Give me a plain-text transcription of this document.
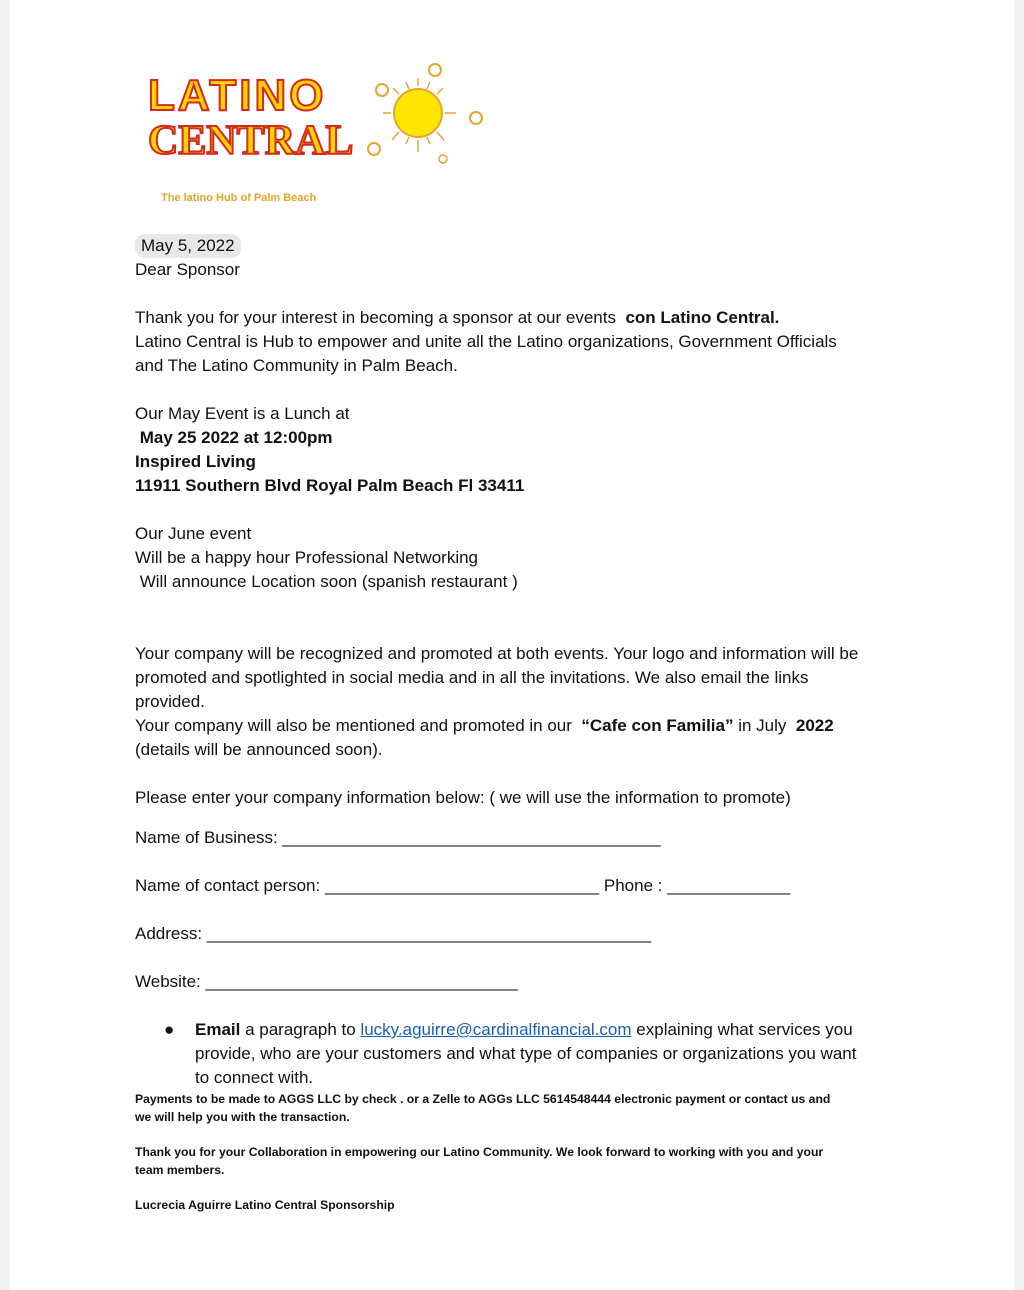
LATINO
CENTRAL
The latino Hub of Palm Beach
May 5, 2022
Dear Sponsor
Thank you for your interest in becoming a sponsor at our events con Latino Central.
Latino Central is Hub to empower and unite all the Latino organizations, Government Officials
and The Latino Community in Palm Beach.
Our May Event is a Lunch at
May 25 2022 at 12:00pm
Inspired Living
11911 Southern Blvd Royal Palm Beach Fl 33411
Our June event
Will be a happy hour Professional Networking
Will announce Location soon (spanish restaurant )
Your company will be recognized and promoted at both events. Your logo and information will be
promoted and spotlighted in social media and in all the invitations. We also email the links
provided.
Your company will also be mentioned and promoted in our “Cafe con Familia” in July 2022
(details will be announced soon).
Please enter your company information below: ( we will use the information to promote)
Name of Business: ________________________________________
Name of contact person: _____________________________ Phone : _____________
Address: _______________________________________________
Website: _________________________________
● Email a paragraph to lucky.aguirre@cardinalfinancial.com explaining what services you
provide, who are your customers and what type of companies or organizations you want
to connect with.

Payments to be made to AGGS LLC by check . or a Zelle to AGGs LLC 5614548444 electronic payment or contact us and

we will help you with the transaction.

Thank you for your Collaboration in empowering our Latino Community. We look forward to working with you and your

team members.

Lucrecia Aguirre Latino Central Sponsorship
